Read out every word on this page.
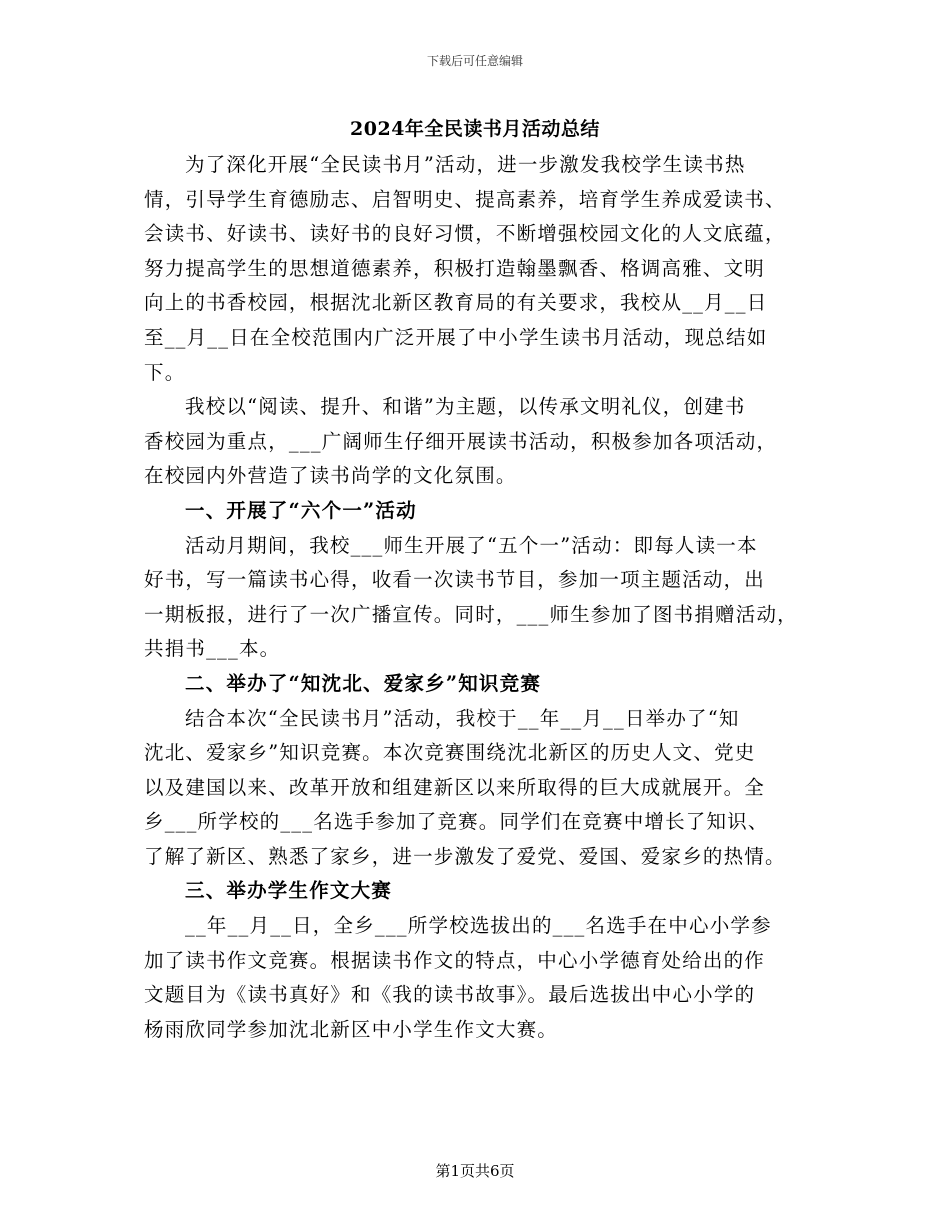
下载后可任意编辑
2024年全民读书月活动总结
为了深化开展“全民读书月”活动，进一步激发我校学生读书热
情，引导学生育德励志、启智明史、提高素养，培育学生养成爱读书、
会读书、好读书、读好书的良好习惯，不断增强校园文化的人文底蕴，
努力提高学生的思想道德素养，积极打造翰墨飘香、格调高雅、文明
向上的书香校园，根据沈北新区教育局的有关要求，我校从__月__日
至__月__日在全校范围内广泛开展了中小学生读书月活动，现总结如
下。
我校以“阅读、提升、和谐”为主题，以传承文明礼仪，创建书
香校园为重点，___广阔师生仔细开展读书活动，积极参加各项活动，
在校园内外营造了读书尚学的文化氛围。
一、开展了“六个一”活动
活动月期间，我校___师生开展了“五个一”活动：即每人读一本
好书，写一篇读书心得，收看一次读书节目，参加一项主题活动，出
一期板报，进行了一次广播宣传。同时，___师生参加了图书捐赠活动，
共捐书___本。
二、举办了“知沈北、爱家乡”知识竞赛
结合本次“全民读书月”活动，我校于__年__月__日举办了“知
沈北、爱家乡”知识竞赛。本次竞赛围绕沈北新区的历史人文、党史
以及建国以来、改革开放和组建新区以来所取得的巨大成就展开。全
乡___所学校的___名选手参加了竞赛。同学们在竞赛中增长了知识、
了解了新区、熟悉了家乡，进一步激发了爱党、爱国、爱家乡的热情。
三、举办学生作文大赛
__年__月__日，全乡___所学校选拔出的___名选手在中心小学参
加了读书作文竞赛。根据读书作文的特点，中心小学德育处给出的作
文题目为《读书真好》和《我的读书故事》。最后选拔出中心小学的
杨雨欣同学参加沈北新区中小学生作文大赛。
第1页共6页
